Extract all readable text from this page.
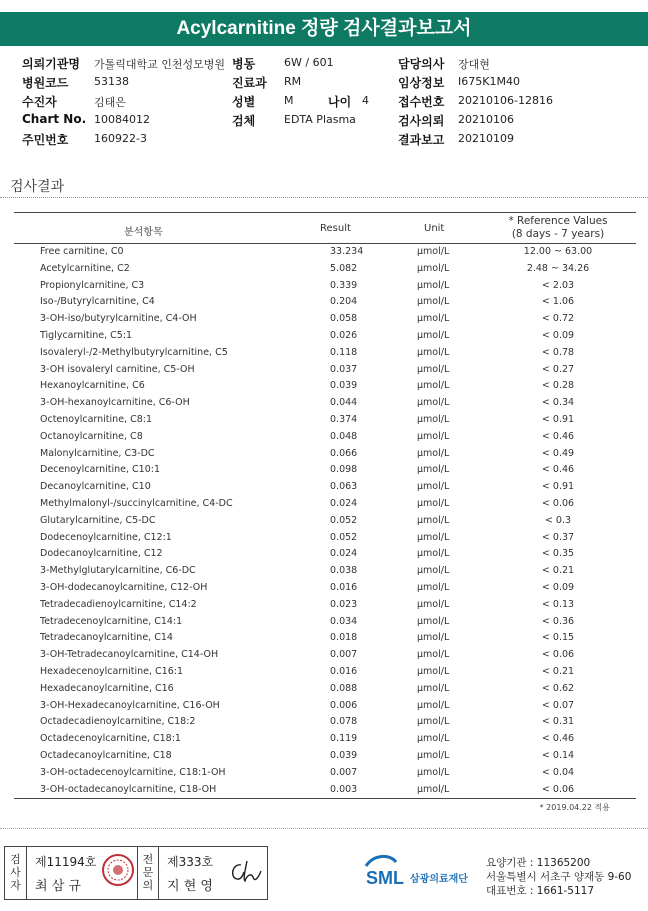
Acylcarnitine 정량 검사결과보고서
의뢰기관명 가톨릭대학교 인천성모병원 병동	6W / 601	담당의사 장대현
병원코드 53138	진료과 RM	임상정보 I675K1M40
수진자	김태은	성별	M	나이 4 접수번호 20210106-12816
Chart No. 10084012	검체	EDTA Plasma	검사의뢰 20210106
주민번호 160922-3	결과보고 20210109
검사결과
분석항목	Result	Unit
* Reference Values
(8 days - 7 years)
Free carnitine, C0	33.234	μmol/L	12.00 ~ 63.00
Acetylcarnitine, C2	5.082	μmol/L	2.48 ~ 34.26
Propionylcarnitine, C3	0.339	μmol/L	< 2.03
Iso-/Butyrylcarnitine, C4	0.204	μmol/L	< 1.06
3-OH-iso/butyrylcarnitine, C4-OH	0.058	μmol/L	< 0.72
Tiglycarnitine, C5:1	0.026	μmol/L	< 0.09
Isovaleryl-/2-Methylbutyrylcarnitine, C5	0.118	μmol/L	< 0.78
3-OH isovaleryl carnitine, C5-OH	0.037	μmol/L	< 0.27
Hexanoylcarnitine, C6	0.039	μmol/L	< 0.28
3-OH-hexanoylcarnitine, C6-OH	0.044	μmol/L	< 0.34
Octenoylcarnitine, C8:1	0.374	μmol/L	< 0.91
Octanoylcarnitine, C8	0.048	μmol/L	< 0.46
Malonylcarnitine, C3-DC	0.066	μmol/L	< 0.49
Decenoylcarnitine, C10:1	0.098	μmol/L	< 0.46
Decanoylcarnitine, C10	0.063	μmol/L	< 0.91
Methylmalonyl-/succinylcarnitine, C4-DC	0.024	μmol/L	< 0.06
Glutarylcarnitine, C5-DC	0.052	μmol/L	< 0.3
Dodecenoylcarnitine, C12:1	0.052	μmol/L	< 0.37
Dodecanoylcarnitine, C12	0.024	μmol/L	< 0.35
3-Methylglutarylcarnitine, C6-DC	0.038	μmol/L	< 0.21
3-OH-dodecanoylcarnitine, C12-OH	0.016	μmol/L	< 0.09
Tetradecadienoylcarnitine, C14:2	0.023	μmol/L	< 0.13
Tetradecenoylcarnitine, C14:1	0.034	μmol/L	< 0.36
Tetradecanoylcarnitine, C14	0.018	μmol/L	< 0.15
3-OH-Tetradecanoylcarnitine, C14-OH	0.007	μmol/L	< 0.06
Hexadecenoylcarnitine, C16:1	0.016	μmol/L	< 0.21
Hexadecanoylcarnitine, C16	0.088	μmol/L	< 0.62
3-OH-Hexadecanoylcarnitine, C16-OH	0.006	μmol/L	< 0.07
Octadecadienoylcarnitine, C18:2	0.078	μmol/L	< 0.31
Octadecenoylcarnitine, C18:1	0.119	μmol/L	< 0.46
Octadecanoylcarnitine, C18	0.039	μmol/L	< 0.14
3-OH-octadecenoylcarnitine, C18:1-OH	0.007	μmol/L	< 0.04
3-OH-octadecanoylcarnitine, C18-OH	0.003	μmol/L	< 0.06
* 2019.04.22 적용
검
사
자
제11194호
최 삼 규
전
문
의
제333호
지 현 영	SML 삼광의료재단
요양기관 : 11365200
서울특별시 서초구 양재동 9-60
대표번호 : 1661-5117
